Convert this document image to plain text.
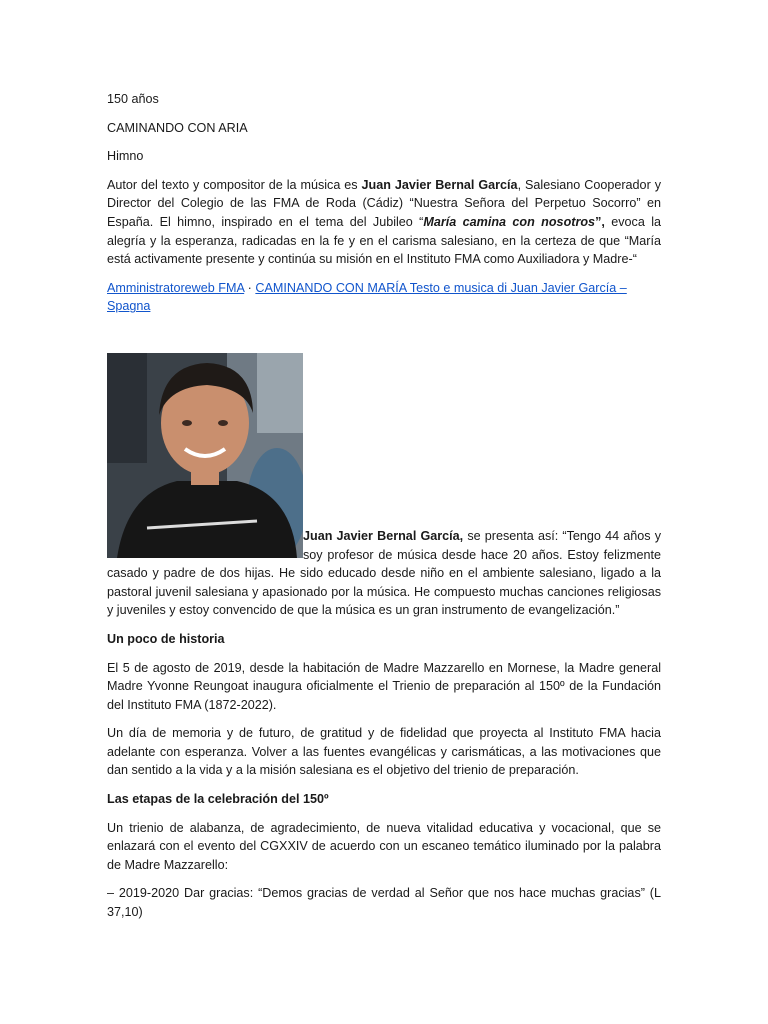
150 años

CAMINANDO CON ARIA

Himno

Autor del texto y compositor de la música es Juan Javier Bernal García, Salesiano Cooperador y Director del Colegio de las FMA de Roda (Cádiz) “Nuestra Señora del Perpetuo Socorro” en España. El himno, inspirado en el tema del Jubileo “María camina con nosotros”, evoca la alegría y la esperanza, radicadas en la fe y en el carisma salesiano, en la certeza de que “María está activamente presente y continúa su misión en el Instituto FMA como Auxiliadora y Madre-“

Amministratoreweb FMA · CAMINANDO CON MARÍA Testo e musica di Juan Javier García – Spagna

Juan Javier Bernal García, se presenta así: “Tengo 44 años y soy profesor de música desde hace 20 años. Estoy felizmente casado y padre de dos hijas. He sido educado desde niño en el ambiente salesiano, ligado a la pastoral juvenil salesiana y apasionado por la música. He compuesto muchas canciones religiosas y juveniles y estoy convencido de que la música es un gran instrumento de evangelización.”

Un poco de historia

El 5 de agosto de 2019, desde la habitación de Madre Mazzarello en Mornese, la Madre general Madre Yvonne Reungoat inaugura oficialmente el Trienio de preparación al 150º de la Fundación del Instituto FMA (1872-2022).

Un día de memoria y de futuro, de gratitud y de fidelidad que proyecta al Instituto FMA hacia adelante con esperanza. Volver a las fuentes evangélicas y carismáticas, a las motivaciones que dan sentido a la vida y a la misión salesiana es el objetivo del trienio de preparación.

Las etapas de la celebración del 150º

Un trienio de alabanza, de agradecimiento, de nueva vitalidad educativa y vocacional, que se enlazará con el evento del CGXXIV de acuerdo con un escaneo temático iluminado por la palabra de Madre Mazzarello:

– 2019-2020 Dar gracias: “Demos gracias de verdad al Señor que nos hace muchas gracias” (L 37,10)
